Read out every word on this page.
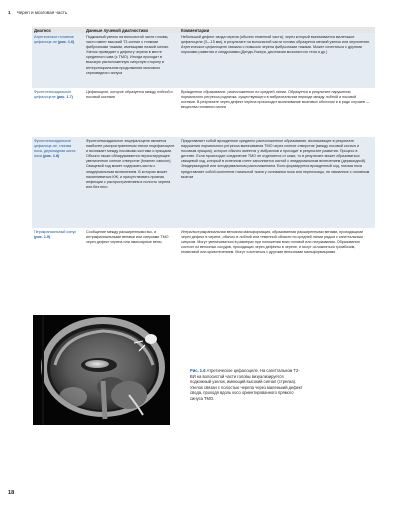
1 Череп и мозговая часть
Диагноз	Данные лучевой диагностики	Комментарии
Атретическое головное цефалоце-ле (рис. 1.6)
Подкожный узелок на волосистой части головы, часто имеет высокий Т2-сигнал с тонкими фиброзными тяжами, имеющими низкий сигнал. Узелок приведает к дефекту черепа в месте срединного шва (с ТМО). Иногда проходит в высокую расположенную синусную сторону в интерстициальном продолжении мозгового серповидного синуса
Небольшой дефект свода черепа (обычно теменной части), через который выпячивается маленькое цефалоцеле (3—15 мм), в результате на волосистой части головы образуется мелкий узелок или опухоление. Атретическое цефалоцеле связано с повысью черепа фиброзными тяжами. Может сочетаться с другими пороками развития и синдромами (Денди-Уокера, дисплазия мозолистого тела и др.)
Фронтоэтмоидальное цефалоцеле (рис. 1.7)
Цефалоцеле, которое образуется между лобной и носовой костями
Врожденное образование, расположенное по средней линии. Образуется в результате нарушения нормального регресса родничка, существующего в эмбриональном периоде между лобной и носовой костями. В результате через дефект черепа происходит выпячивание мозговых оболочек и в ряде случаев — вещества головного мозга
Фронтоэтмоидальное цефалоце-ле, глиома носа, дермоидная киста носа (рис. 1.8)
Фронтоэтмоидальное энцефалоцеле является наиболее распространенным типом энцефалоцеле и возникает между носовыми костями и хрящами. Обычно также обнаруживается персистирующее увеличенное слепое отверстие (foramen caecum). Свищевой ход может содержать кисты с эпидермальным включением. В котором может накапливаться КЖ, и присутствовать признак инфекции с распространением в полость черепа или без него
Представляет собой врожденное срединно расположенное образование, возникающее в результате нарушения нормального регресса выпячивания ТМО через слепое отверстие (между носовой костью и носовым хрящом), которое обычно имеется у эмбрионов и проходит в результате развития. Процесс в детстве. Если происходит соединение ТМО не отделяется от кожи, то в результате может образоваться свищевой ход, который в конечном счете заполняется кистой с эпидермальным включением (дермоидной). Эпидермоидной или эктодермальным расположением. Если формируется врожденный ход, глиома носа представляет собой скопление глиальной ткани у основания носа или переносицы, не связанное с головным мозгом
Перикраниальный синус (рис. 1.9)
Сообщение между расширенными экс- и интракраниальными венами или синусами ТМО через дефект черепа или эмиссарные вены
Интра/экстракраниальная венозная мальформация, образованная расширенными венами, проходящими через дефект в черепе, обычно в лобной или теменной области по средней линии рядом с сагиттальным синусом. Могут увеличиваться в размерах при положении вниз головой или натуживании. Образования состоят из венозных сосудов, проходящих через дефекты в черепе, и могут осложняться тромбозом, гематомой или кровотечением. Могут сочетаться с другими венозными мальформациями
Рис. 1.6 Атретическое цефалоцеле. На сагиттальном T2-ВИ на волосистой части головы визуализируется подкожный узелок, имеющий высокий сигнал (стрелка). Узелок связан с полостью черепа через маленький дефект свода, проходя вдоль косо ориентированного прямого синуса ТМО.
18
